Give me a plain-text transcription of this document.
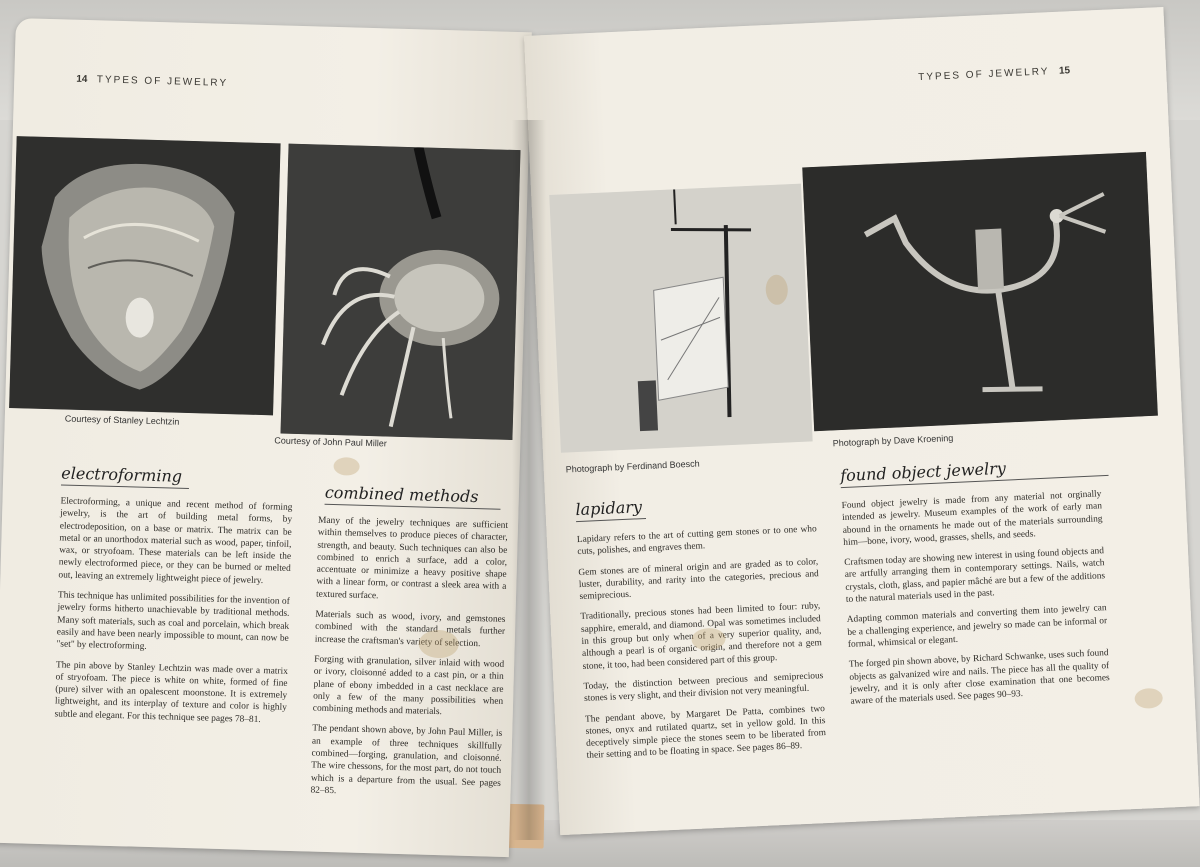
14 TYPES OF JEWELRY
Courtesy of Stanley Lechtzin
Courtesy of John Paul Miller
electroforming

Electroforming, a unique and recent method of forming jewelry, is the art of building metal forms, by electrodeposition, on a base or matrix. The matrix can be metal or an unorthodox material such as wood, paper, tinfoil, wax, or stryofoam. These materials can be left inside the newly electroformed piece, or they can be burned or melted out, leaving an extremely lightweight piece of jewelry.

This technique has unlimited possibilities for the invention of jewelry forms hitherto unachievable by traditional methods. Many soft materials, such as coal and porcelain, which break easily and have been nearly impossible to mount, can now be "set" by electroforming.

The pin above by Stanley Lechtzin was made over a matrix of stryofoam. The piece is white on white, formed of fine (pure) silver with an opalescent moonstone. It is extremely lightweight, and its interplay of texture and color is highly subtle and elegant. For this technique see pages 78–81.

combined methods

Many of the jewelry techniques are sufficient within themselves to produce pieces of character, strength, and beauty. Such techniques can also be combined to enrich a surface, add a color, accentuate or minimize a heavy positive shape with a linear form, or contrast a sleek area with a textured surface.

Materials such as wood, ivory, and gemstones combined with the standard metals further increase the craftsman's variety of selection.

Forging with granulation, silver inlaid with wood or ivory, cloisonné added to a cast pin, or a thin plane of ebony imbedded in a cast necklace are only a few of the many possibilities when combining methods and materials.

The pendant shown above, by John Paul Miller, is an example of three techniques skillfully combined—forging, granulation, and cloisonné. The wire chessons, for the most part, do not touch which is a departure from the usual. See pages 82–85.

TYPES OF JEWELRY 15
Photograph by Ferdinand Boesch
Photograph by Dave Kroening
lapidary

Lapidary refers to the art of cutting gem stones or to one who cuts, polishes, and engraves them.

Gem stones are of mineral origin and are graded as to color, luster, durability, and rarity into the categories, precious and semiprecious.

Traditionally, precious stones had been limited to four: ruby, sapphire, emerald, and diamond. Opal was sometimes included in this group but only when of a very superior quality, and, although a pearl is of organic origin, and therefore not a gem stone, it too, had been considered part of this group.

Today, the distinction between precious and semiprecious stones is very slight, and their division not very meaningful.

The pendant above, by Margaret De Patta, combines two stones, onyx and rutilated quartz, set in yellow gold. In this deceptively simple piece the stones seem to be liberated from their setting and to be floating in space. See pages 86–89.

found object jewelry

Found object jewelry is made from any material not orginally intended as jewelry. Museum examples of the work of early man abound in the ornaments he made out of the materials surrounding him—bone, ivory, wood, grasses, shells, and seeds.

Craftsmen today are showing new interest in using found objects and are artfully arranging them in contemporary settings. Nails, watch crystals, cloth, glass, and papier mâché are but a few of the additions to the natural materials used in the past.

Adapting common materials and converting them into jewelry can be a challenging experience, and jewelry so made can be informal or formal, whimsical or elegant.

The forged pin shown above, by Richard Schwanke, uses such found objects as galvanized wire and nails. The piece has all the quality of jewelry, and it is only after close examination that one becomes aware of the materials used. See pages 90–93.
